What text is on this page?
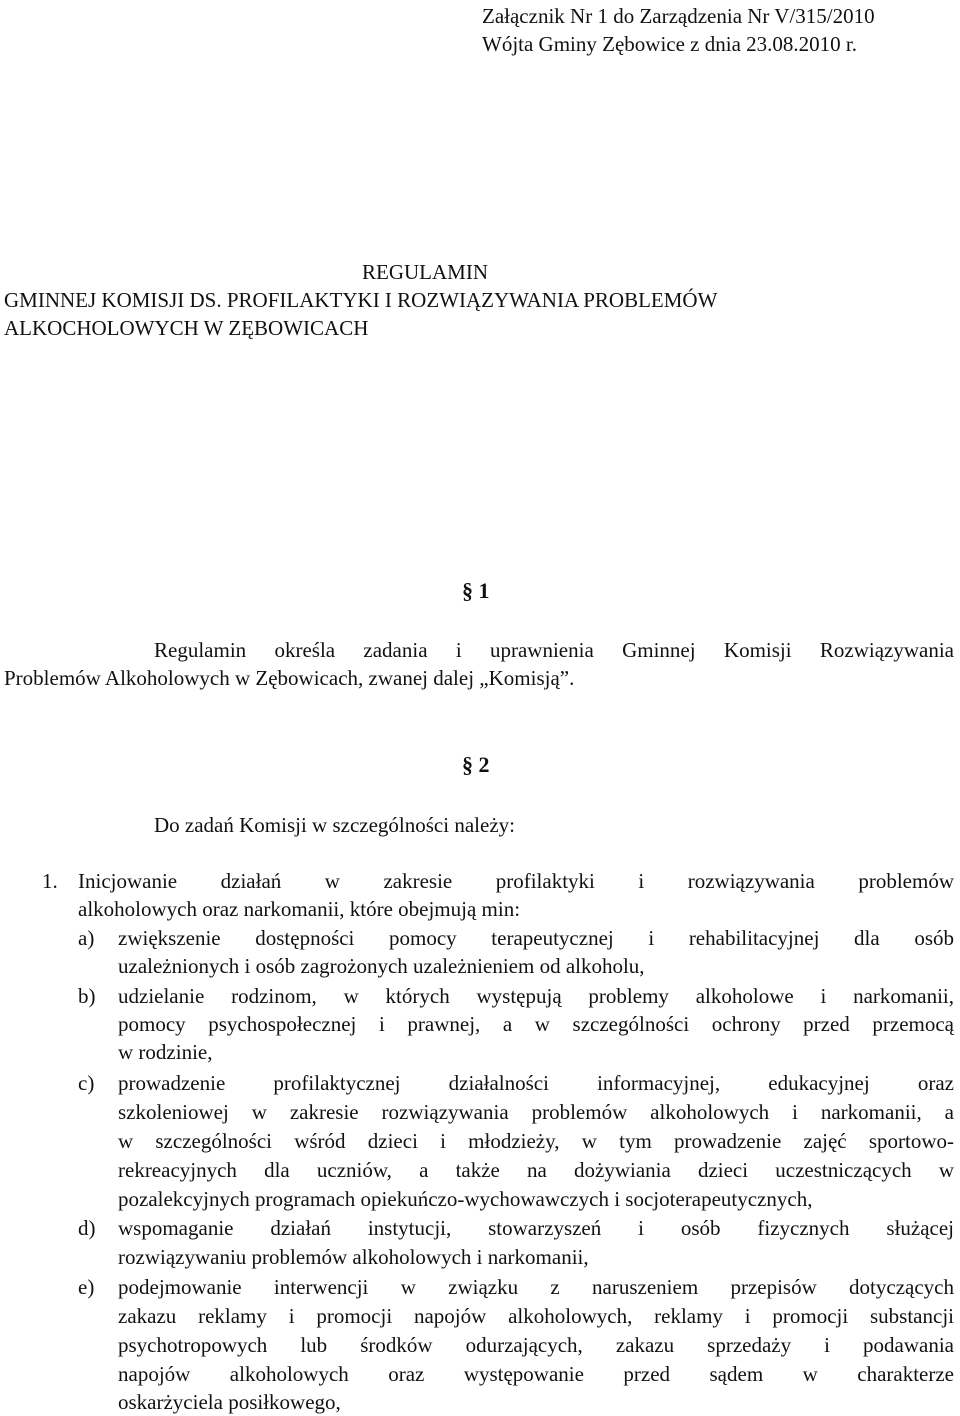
Załącznik Nr 1 do Zarządzenia Nr V/315/2010
Wójta Gminy Zębowice z dnia 23.08.2010 r.
REGULAMIN
GMINNEJ KOMISJI DS. PROFILAKTYKI I ROZWIĄZYWANIA PROBLEMÓW
ALKOCHOLOWYCH W ZĘBOWICACH
§ 1
Regulamin określa zadania i uprawnienia Gminnej Komisji Rozwiązywania
Problemów Alkoholowych w Zębowicach, zwanej dalej „Komisją”.
§ 2
Do zadań Komisji w szczególności należy:
1. Inicjowanie działań w zakresie profilaktyki i rozwiązywania problemów
alkoholowych oraz narkomanii, które obejmują min:
a) zwiększenie dostępności pomocy terapeutycznej i rehabilitacyjnej dla osób
uzależnionych i osób zagrożonych uzależnieniem od alkoholu,
b) udzielanie rodzinom, w których występują problemy alkoholowe i narkomanii,
pomocy psychospołecznej i prawnej, a w szczególności ochrony przed przemocą
w rodzinie,
c) prowadzenie profilaktycznej działalności informacyjnej, edukacyjnej oraz
szkoleniowej w zakresie rozwiązywania problemów alkoholowych i narkomanii, a
w szczególności wśród dzieci i młodzieży, w tym prowadzenie zajęć sportowo-
rekreacyjnych dla uczniów, a także na dożywiania dzieci uczestniczących w
pozalekcyjnych programach opiekuńczo-wychowawczych i socjoterapeutycznych,
d) wspomaganie działań instytucji, stowarzyszeń i osób fizycznych służącej
rozwiązywaniu problemów alkoholowych i narkomanii,
e) podejmowanie interwencji w związku z naruszeniem przepisów dotyczących
zakazu reklamy i promocji napojów alkoholowych, reklamy i promocji substancji
psychotropowych lub środków odurzających, zakazu sprzedaży i podawania
napojów alkoholowych oraz występowanie przed sądem w charakterze
oskarżyciela posiłkowego,
